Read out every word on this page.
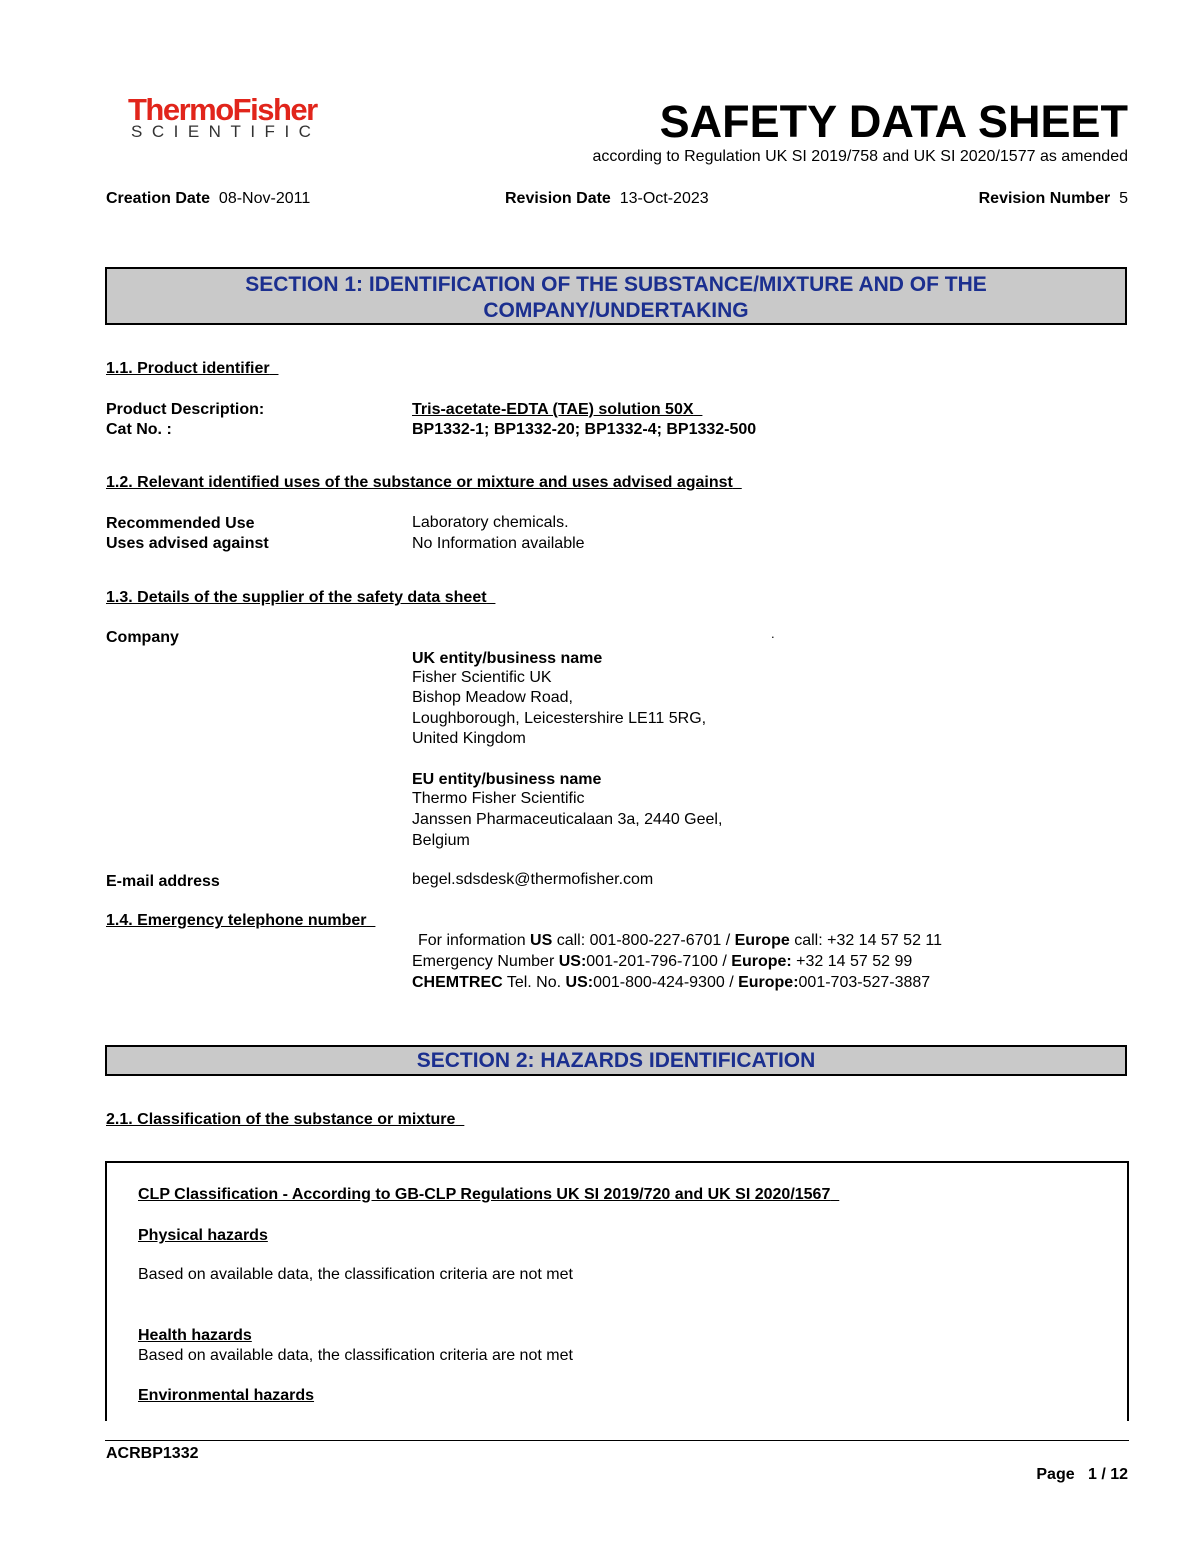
ThermoFisher
SCIENTIFIC	SAFETY DATA SHEET
according to Regulation UK SI 2019/758 and UK SI 2020/1577 as amended
Creation Date 08-Nov-2011	Revision Date 13-Oct-2023	Revision Number 5
SECTION 1: IDENTIFICATION OF THE SUBSTANCE/MIXTURE AND OF THE
COMPANY/UNDERTAKING
1.1. Product identifier
Product Description:	Tris-acetate-EDTA (TAE) solution 50X
Cat No. :	BP1332-1; BP1332-20; BP1332-4; BP1332-500
1.2. Relevant identified uses of the substance or mixture and uses advised against
Recommended Use	Laboratory chemicals.
Uses advised against	No Information available
1.3. Details of the supplier of the safety data sheet
Company	.
UK entity/business name
Fisher Scientific UK
Bishop Meadow Road,
Loughborough, Leicestershire LE11 5RG,
United Kingdom
EU entity/business name
Thermo Fisher Scientific
Janssen Pharmaceuticalaan 3a, 2440 Geel,
Belgium
E-mail address	begel.sdsdesk@thermofisher.com
1.4. Emergency telephone number
For information US call: 001-800-227-6701 / Europe call: +32 14 57 52 11
Emergency Number US:001-201-796-7100 / Europe: +32 14 57 52 99
CHEMTREC Tel. No. US:001-800-424-9300 / Europe:001-703-527-3887
SECTION 2: HAZARDS IDENTIFICATION
2.1. Classification of the substance or mixture
CLP Classification - According to GB-CLP Regulations UK SI 2019/720 and UK SI 2020/1567
Physical hazards
Based on available data, the classification criteria are not met
Health hazards
Based on available data, the classification criteria are not met
Environmental hazards
ACRBP1332
Page 1 / 12
